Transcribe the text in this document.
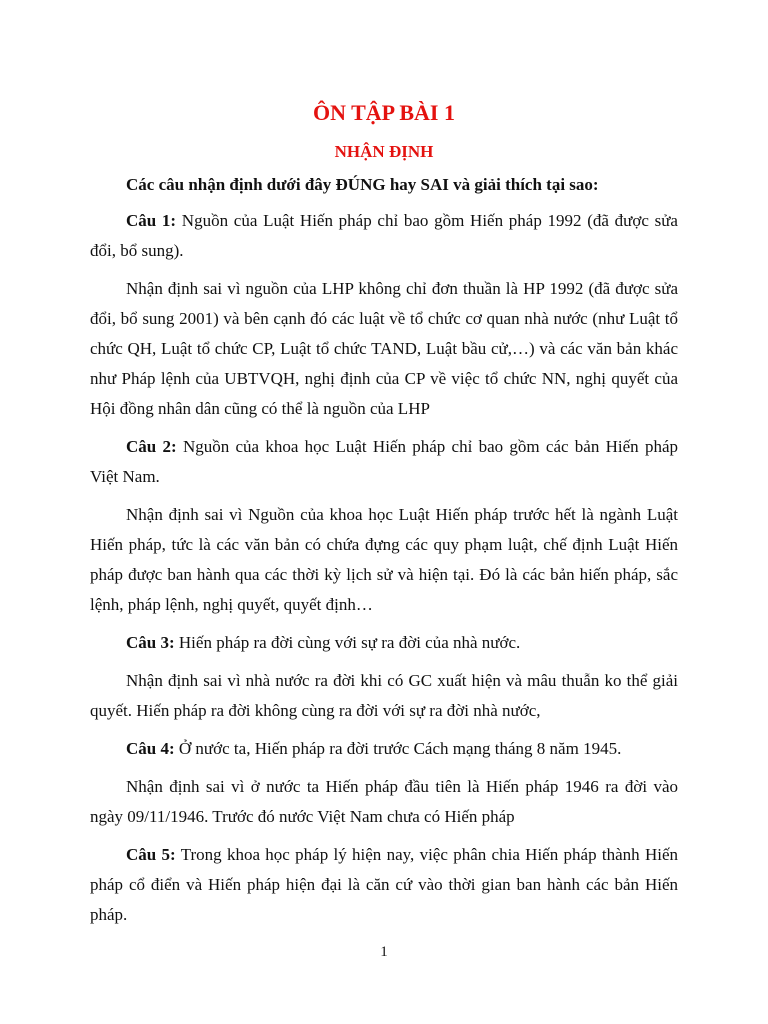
ÔN TẬP BÀI 1
NHẬN ĐỊNH

Các câu nhận định dưới đây ĐÚNG hay SAI và giải thích tại sao:

Câu 1: Nguồn của Luật Hiến pháp chỉ bao gồm Hiến pháp 1992 (đã được sửa đổi, bổ sung).

Nhận định sai vì nguồn của LHP không chỉ đơn thuần là HP 1992 (đã được sửa đổi, bổ sung 2001) và bên cạnh đó các luật về tổ chức cơ quan nhà nước (như Luật tổ chức QH, Luật tổ chức CP, Luật tổ chức TAND, Luật bầu cử,…) và các văn bản khác như Pháp lệnh của UBTVQH, nghị định của CP về việc tổ chức NN, nghị quyết của Hội đồng nhân dân cũng có thể là nguồn của LHP

Câu 2: Nguồn của khoa học Luật Hiến pháp chỉ bao gồm các bản Hiến pháp Việt Nam.

Nhận định sai vì Nguồn của khoa học Luật Hiến pháp trước hết là ngành Luật Hiến pháp, tức là các văn bản có chứa đựng các quy phạm luật, chế định Luật Hiến pháp được ban hành qua các thời kỳ lịch sử và hiện tại. Đó là các bản hiến pháp, sắc lệnh, pháp lệnh, nghị quyết, quyết định…

Câu 3: Hiến pháp ra đời cùng với sự ra đời của nhà nước.

Nhận định sai vì nhà nước ra đời khi có GC xuất hiện và mâu thuẫn ko thể giải quyết. Hiến pháp ra đời không cùng ra đời với sự ra đời nhà nước,

Câu 4: Ở nước ta, Hiến pháp ra đời trước Cách mạng tháng 8 năm 1945.

Nhận định sai vì ở nước ta Hiến pháp đầu tiên là Hiến pháp 1946 ra đời vào ngày 09/11/1946. Trước đó nước Việt Nam chưa có Hiến pháp

Câu 5: Trong khoa học pháp lý hiện nay, việc phân chia Hiến pháp thành Hiến pháp cổ điển và Hiến pháp hiện đại là căn cứ vào thời gian ban hành các bản Hiến pháp.

1
